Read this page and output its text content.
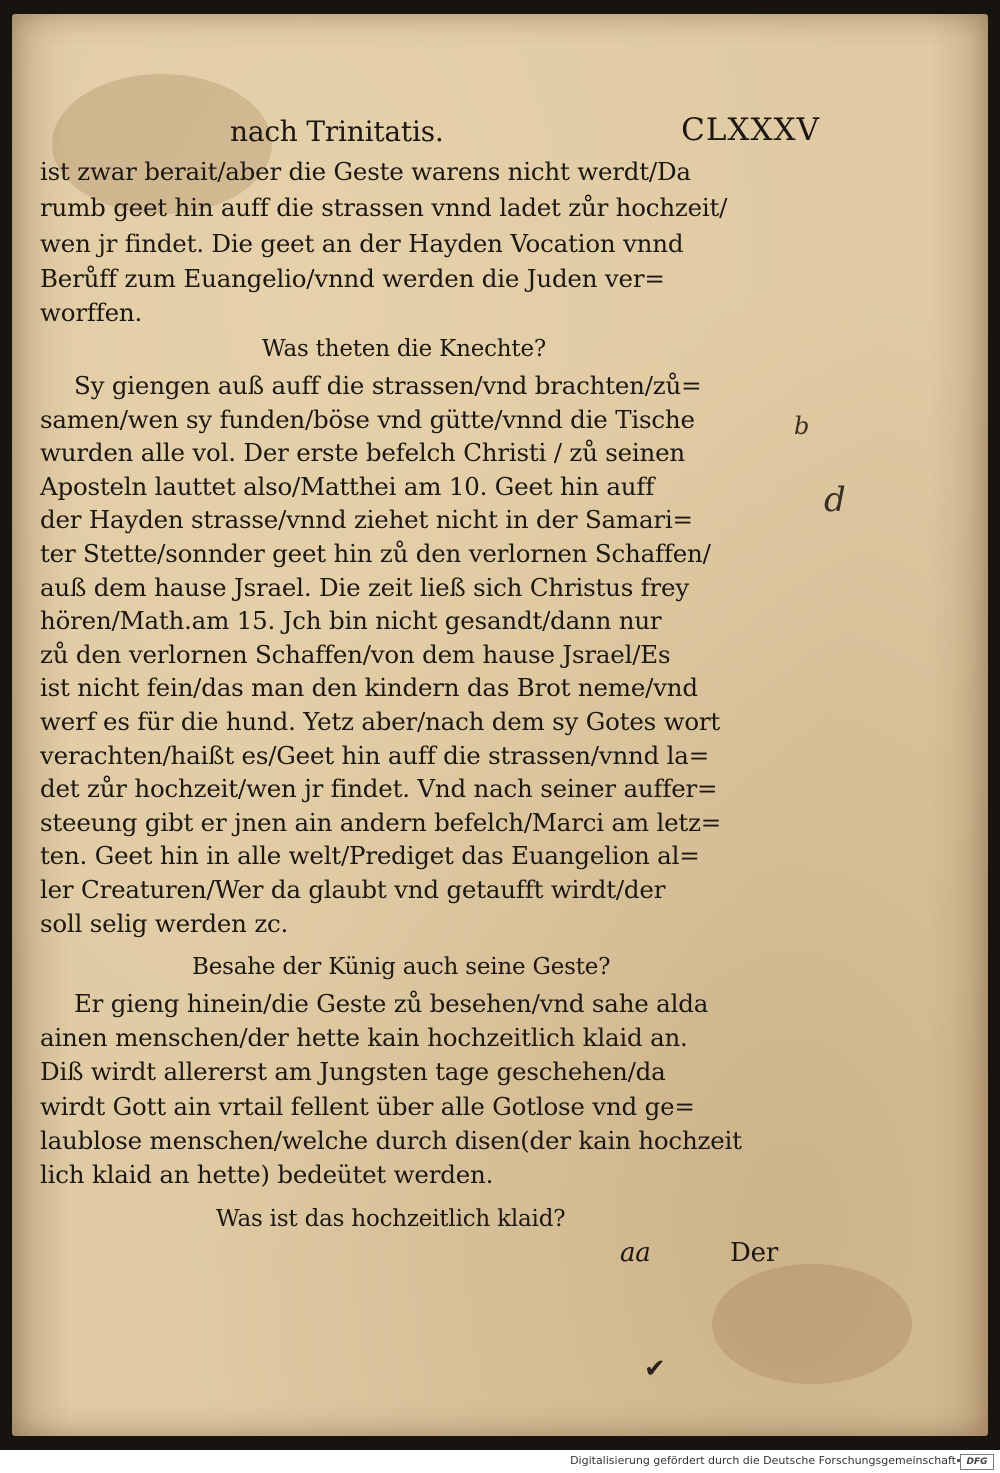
nach Trinitatis.	CLXXXV
ist zwar berait/aber die Geste warens nicht werdt/Da
rumb geet hin auff die strassen vnnd ladet zůr hochzeit/
wen jr findet. Die geet an der Hayden Vocation vnnd
Berůff zum Euangelio/vnnd werden die Juden ver=
worffen.
Was theten die Knechte?
Sy giengen auß auff die strassen/vnd brachten/zů=
samen/wen sy funden/böse vnd gütte/vnnd die Tische
wurden alle vol. Der erste befelch Christi / zů seinen
Aposteln lauttet also/Matthei am 10. Geet hin auff
der Hayden strasse/vnnd ziehet nicht in der Samari=
ter Stette/sonnder geet hin zů den verlornen Schaffen/
auß dem hause Jsrael. Die zeit ließ sich Christus frey
hören/Math.am 15. Jch bin nicht gesandt/dann nur
zů den verlornen Schaffen/von dem hause Jsrael/Es
ist nicht fein/das man den kindern das Brot neme/vnd
werf es für die hund. Yetz aber/nach dem sy Gotes wort
verachten/haißt es/Geet hin auff die strassen/vnnd la=
det zůr hochzeit/wen jr findet. Vnd nach seiner auffer=
steeung gibt er jnen ain andern befelch/Marci am letz=
ten. Geet hin in alle welt/Prediget das Euangelion al=
ler Creaturen/Wer da glaubt vnd getaufft wirdt/der
soll selig werden zc.
Besahe der Künig auch seine Geste?
Er gieng hinein/die Geste zů besehen/vnd sahe alda
ainen menschen/der hette kain hochzeitlich klaid an.
Diß wirdt allererst am Jungsten tage geschehen/da
wirdt Gott ain vrtail fellent über alle Gotlose vnd ge=
laublose menschen/welche durch disen(der kain hochzeit
lich klaid an hette) bedeütet werden.
Was ist das hochzeitlich klaid?
aa	Der
b
d
✔
Digitalisierung gefördert durch die Deutsche Forschungsgemeinschaft	DFG
